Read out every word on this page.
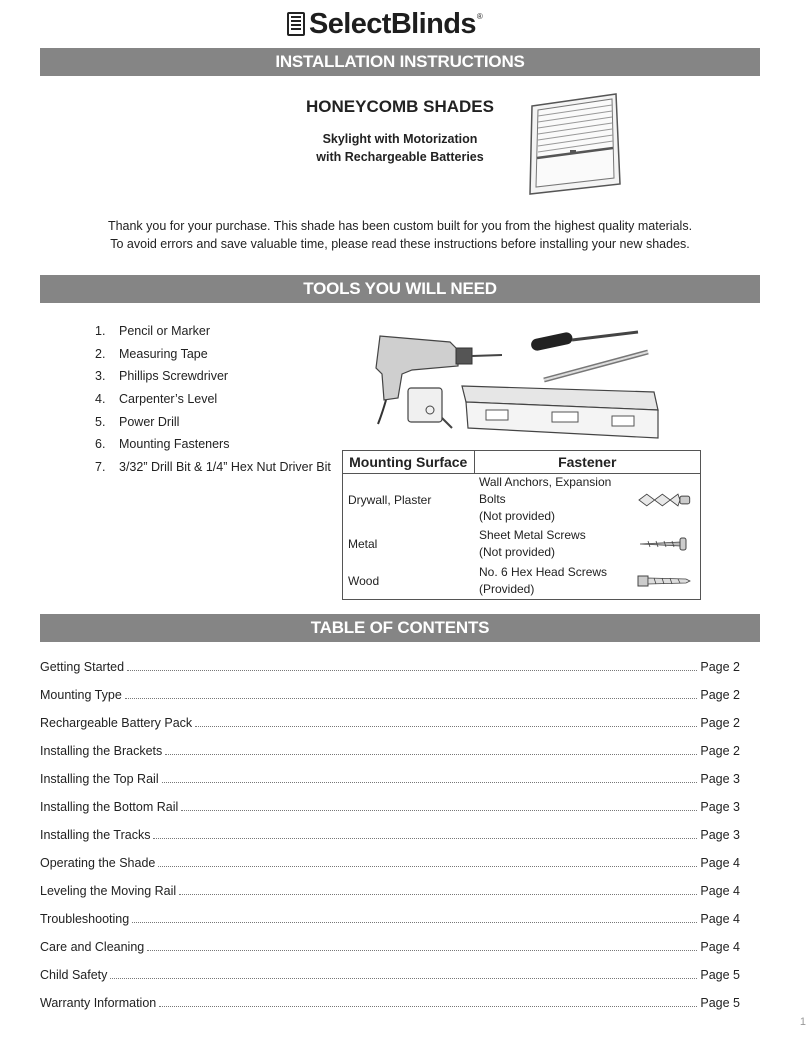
SelectBlinds ®
INSTALLATION INSTRUCTIONS
HONEYCOMB SHADES
Skylight with Motorization
with Rechargeable Batteries
Thank you for your purchase. This shade has been custom built for you from the highest quality materials.
To avoid errors and save valuable time, please read these instructions before installing your new shades.
TOOLS YOU WILL NEED
1. Pencil or Marker
2. Measuring Tape
3. Phillips Screwdriver
4. Carpenter’s Level
5. Power Drill
6. Mounting Fasteners
7. 3/32” Drill Bit & 1/4” Hex Nut Driver Bit Mounting Surface	Fastener
Drywall, Plaster	Wall Anchors, Expansion Bolts
(Not provided)

Metal	Sheet Metal Screws
(Not provided)

Wood	No. 6 Hex Head Screws
(Provided)
TABLE OF CONTENTS
Getting Started	Page 2
Mounting Type	Page 2
Rechargeable Battery Pack	Page 2
Installing the Brackets	Page 2
Installing the Top Rail	Page 3
Installing the Bottom Rail	Page 3
Installing the Tracks	Page 3
Operating the Shade	Page 4
Leveling the Moving Rail	Page 4
Troubleshooting	Page 4
Care and Cleaning	Page 4
Child Safety	Page 5
Warranty Information	Page 5
1
